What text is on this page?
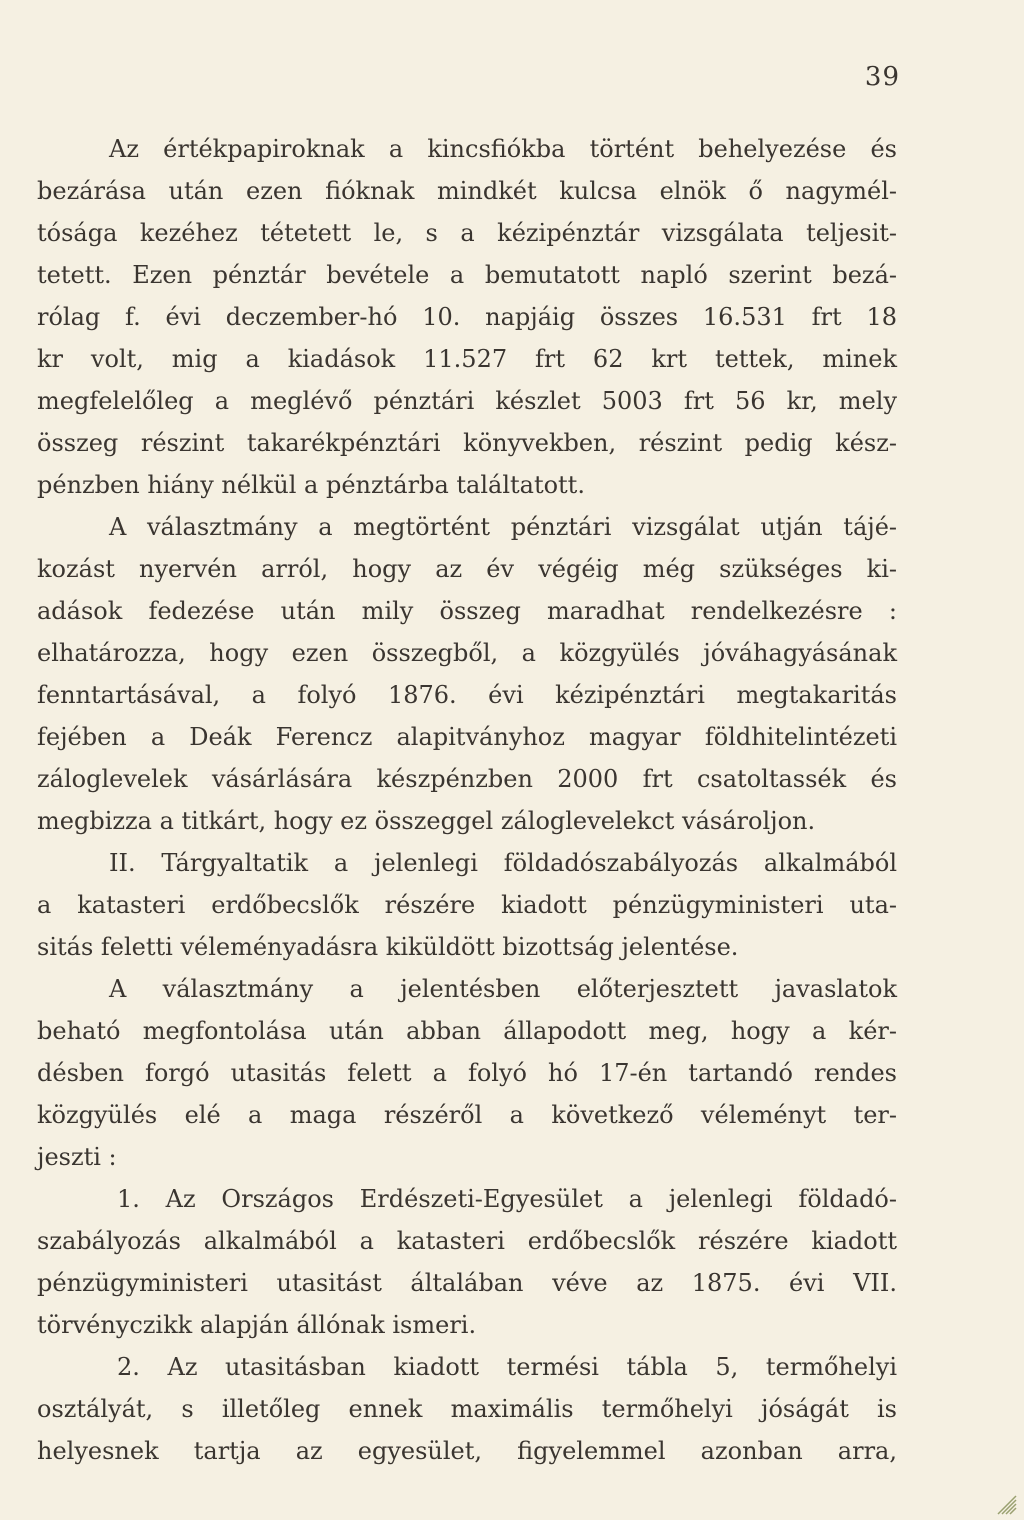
39
Az értékpapiroknak a kincsfiókba történt behelyezése és
bezárása után ezen fióknak mindkét kulcsa elnök ő nagymél-
tósága kezéhez tétetett le, s a kézipénztár vizsgálata teljesit-
tetett. Ezen pénztár bevétele a bemutatott napló szerint bezá-
rólag f. évi deczember-hó 10. napjáig összes 16.531 frt 18
kr volt, mig a kiadások 11.527 frt 62 krt tettek, minek
megfelelőleg a meglévő pénztári készlet 5003 frt 56 kr, mely
összeg részint takarékpénztári könyvekben, részint pedig kész-
pénzben hiány nélkül a pénztárba találtatott.
A választmány a megtörtént pénztári vizsgálat utján tájé-
kozást nyervén arról, hogy az év végéig még szükséges ki-
adások fedezése után mily összeg maradhat rendelkezésre :
elhatározza, hogy ezen összegből, a közgyülés jóváhagyásának
fenntartásával, a folyó 1876. évi kézipénztári megtakaritás
fejében a Deák Ferencz alapitványhoz magyar földhitelintézeti
záloglevelek vásárlására készpénzben 2000 frt csatoltassék és
megbizza a titkárt, hogy ez összeggel záloglevelekct vásároljon.
II. Tárgyaltatik a jelenlegi földadószabályozás alkalmából
a katasteri erdőbecslők részére kiadott pénzügyministeri uta-
sitás feletti véleményadásra kiküldött bizottság jelentése.
A választmány a jelentésben előterjesztett javaslatok
beható megfontolása után abban állapodott meg, hogy a kér-
désben forgó utasitás felett a folyó hó 17-én tartandó rendes
közgyülés elé a maga részéről a következő véleményt ter-
jeszti :
1. Az Országos Erdészeti-Egyesület a jelenlegi földadó-
szabályozás alkalmából a katasteri erdőbecslők részére kiadott
pénzügyministeri utasitást általában véve az 1875. évi VII.
törvényczikk alapján állónak ismeri.
2. Az utasitásban kiadott termési tábla 5, termőhelyi
osztályát, s illetőleg ennek maximális termőhelyi jóságát is
helyesnek tartja az egyesület, figyelemmel azonban arra,
